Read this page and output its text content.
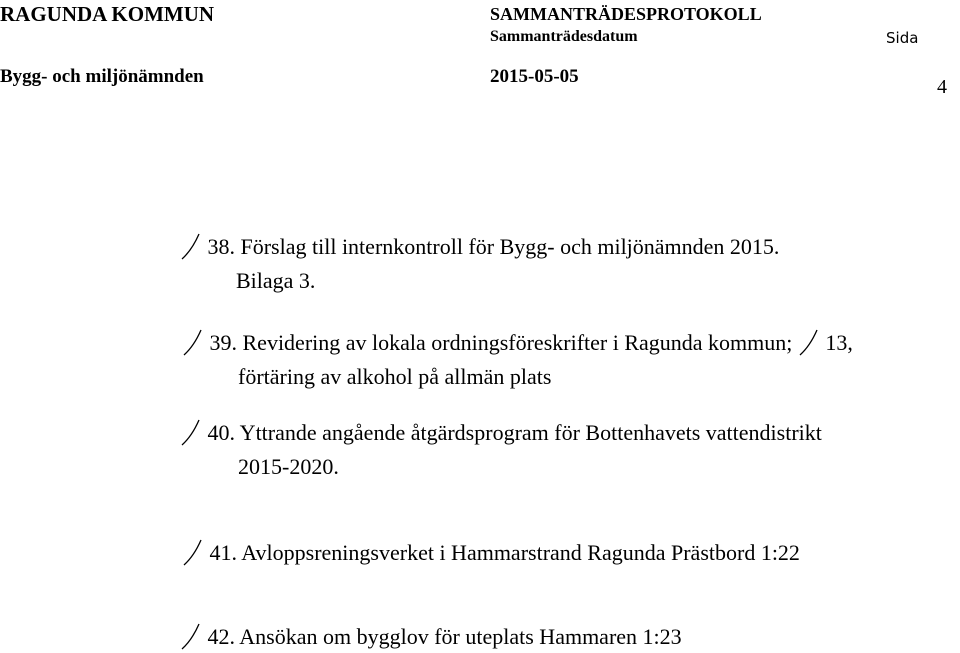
RAGUNDA KOMMUN	SAMMANTRÄDESPROTOKOLL
Sammanträdesdatum	Sida
Bygg- och miljönämnden	2015-05-05	4
38. Förslag till internkontroll för Bygg- och miljönämnden 2015.
Bilaga 3.
39. Revidering av lokala ordningsföreskrifter i Ragunda kommun; 13,
förtäring av alkohol på allmän plats
40. Yttrande angående åtgärdsprogram för Bottenhavets vattendistrikt
2015-2020.
41. Avloppsreningsverket i Hammarstrand Ragunda Prästbord 1:22
42. Ansökan om bygglov för uteplats Hammaren 1:23
